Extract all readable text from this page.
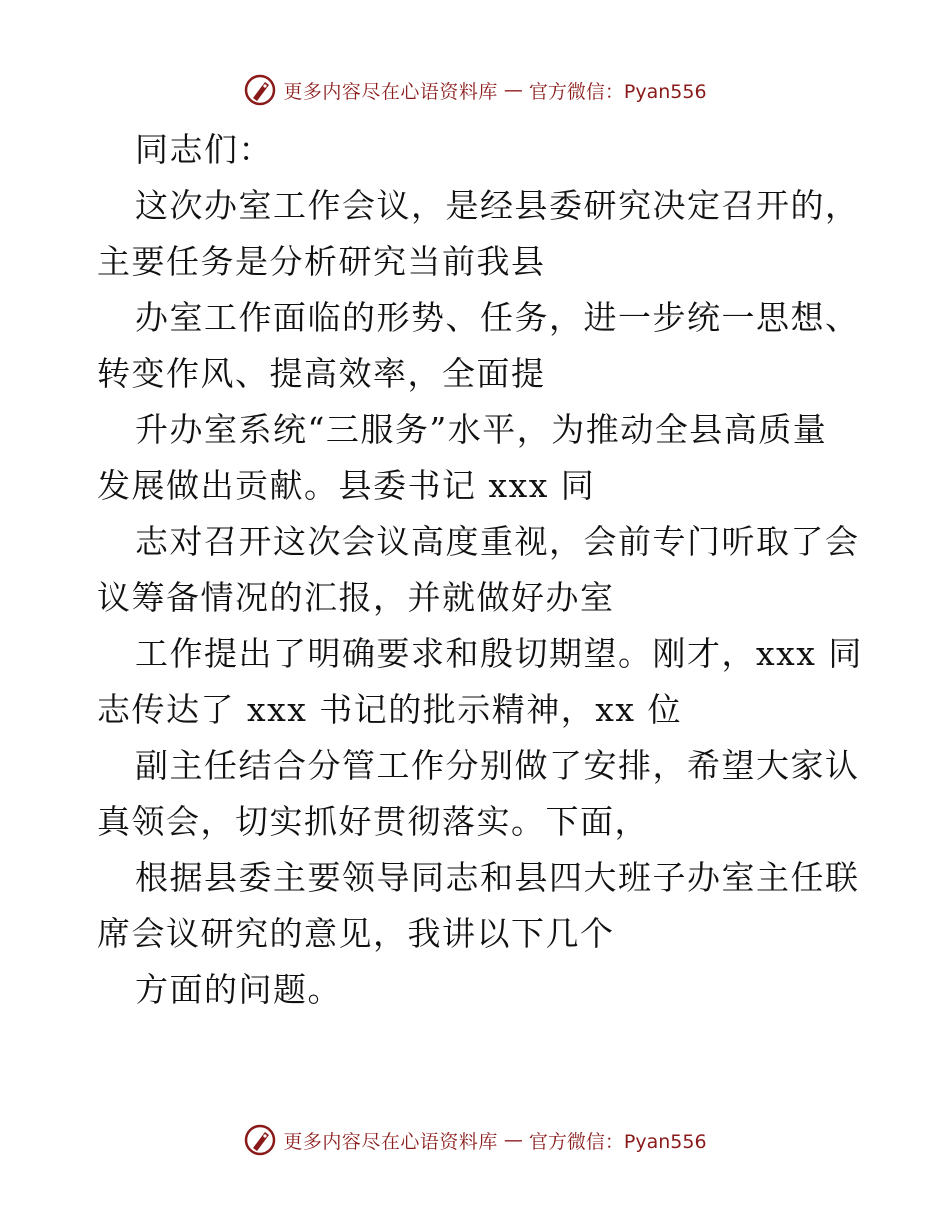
更多内容尽在心语资料库 — 官方微信：Pyan556
同志们：
这次办室工作会议，是经县委研究决定召开的，
主要任务是分析研究当前我县
办室工作面临的形势、任务，进一步统一思想、
转变作风、提高效率，全面提
升办室系统“三服务”水平，为推动全县高质量
发展做出贡献。县委书记 xxx 同
志对召开这次会议高度重视，会前专门听取了会
议筹备情况的汇报，并就做好办室
工作提出了明确要求和殷切期望。刚才，xxx 同
志传达了 xxx 书记的批示精神，xx 位
副主任结合分管工作分别做了安排，希望大家认
真领会，切实抓好贯彻落实。下面，
根据县委主要领导同志和县四大班子办室主任联
席会议研究的意见，我讲以下几个
方面的问题。
更多内容尽在心语资料库 — 官方微信：Pyan556
